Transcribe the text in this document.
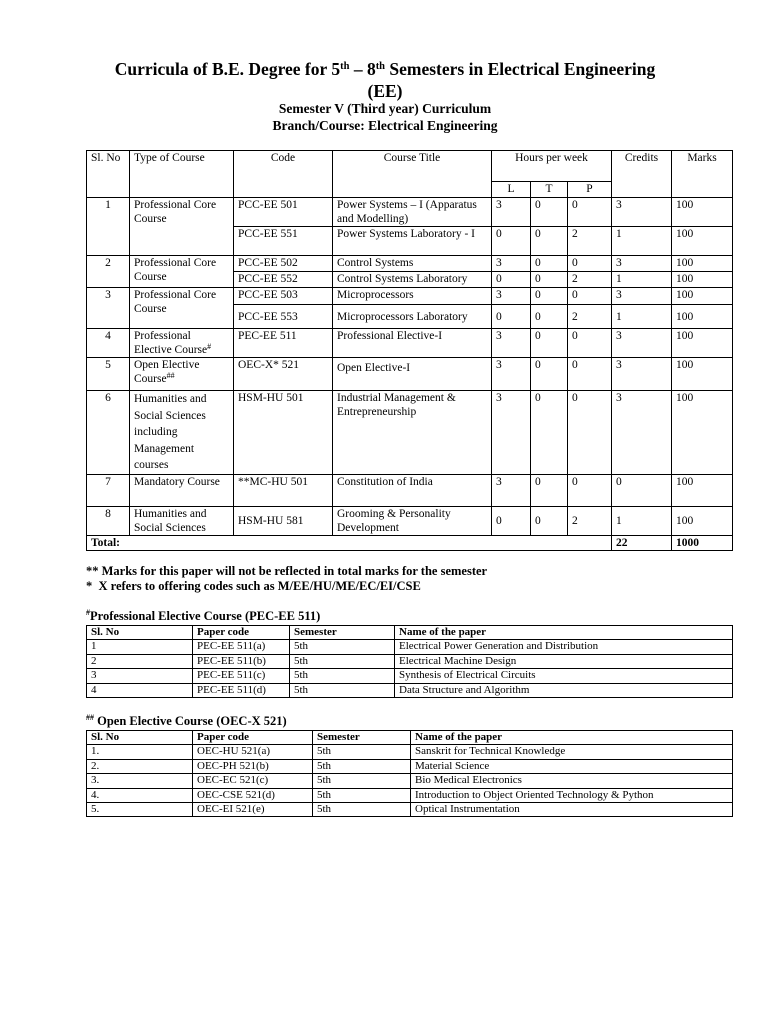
Curricula of B.E. Degree for 5th – 8th Semesters in Electrical Engineering
(EE)
Semester V (Third year) Curriculum
Branch/Course: Electrical Engineering
Sl. No	Type of Course	Code	Course Title	Hours per week			Credits	Marks
				L	T	P		
1	Professional Core Course	PCC-EE 501	Power Systems – I (Apparatus and Modelling)	3	0	0	3	100
		PCC-EE 551	Power Systems Laboratory - I	0	0	2	1	100
2	Professional Core Course	PCC-EE 502	Control Systems	3	0	0	3	100
		PCC-EE 552	Control Systems Laboratory	0	0	2	1	100
3	Professional Core Course	PCC-EE 503	Microprocessors	3	0	0	3	100
		PCC-EE 553	Microprocessors Laboratory	0	0	2	1	100
4	Professional Elective Course#	PEC-EE 511	Professional Elective-I	3	0	0	3	100
5	Open Elective Course##	OEC-X* 521	Open Elective-I	3	0	0	3	100
6	Humanities and Social Sciences including Management courses	HSM-HU 501	Industrial Management & Entrepreneurship	3	0	0	3	100
7	Mandatory Course	**MC-HU 501	Constitution of India	3	0	0	0	100
8	Humanities and Social Sciences	HSM-HU 581	Grooming & Personality Development	0	0	2	1	100
Total:							22	1000
** Marks for this paper will not be reflected in total marks for the semester
*  X refers to offering codes such as M/EE/HU/ME/EC/EI/CSE
#Professional Elective Course (PEC-EE 511)
Sl. No	Paper code	Semester	Name of the paper
1	PEC-EE 511(a)	5th	Electrical Power Generation and Distribution
2	PEC-EE 511(b)	5th	Electrical Machine Design
3	PEC-EE 511(c)	5th	Synthesis of Electrical Circuits
4	PEC-EE 511(d)	5th	Data Structure and Algorithm
## Open Elective Course (OEC-X 521)
Sl. No	Paper code	Semester	Name of the paper
1.	OEC-HU 521(a)	5th	Sanskrit for Technical Knowledge
2.	OEC-PH 521(b)	5th	Material Science
3.	OEC-EC 521(c)	5th	Bio Medical Electronics
4.	OEC-CSE 521(d)	5th	Introduction to Object Oriented Technology & Python
5.	OEC-EI 521(e)	5th	Optical Instrumentation
